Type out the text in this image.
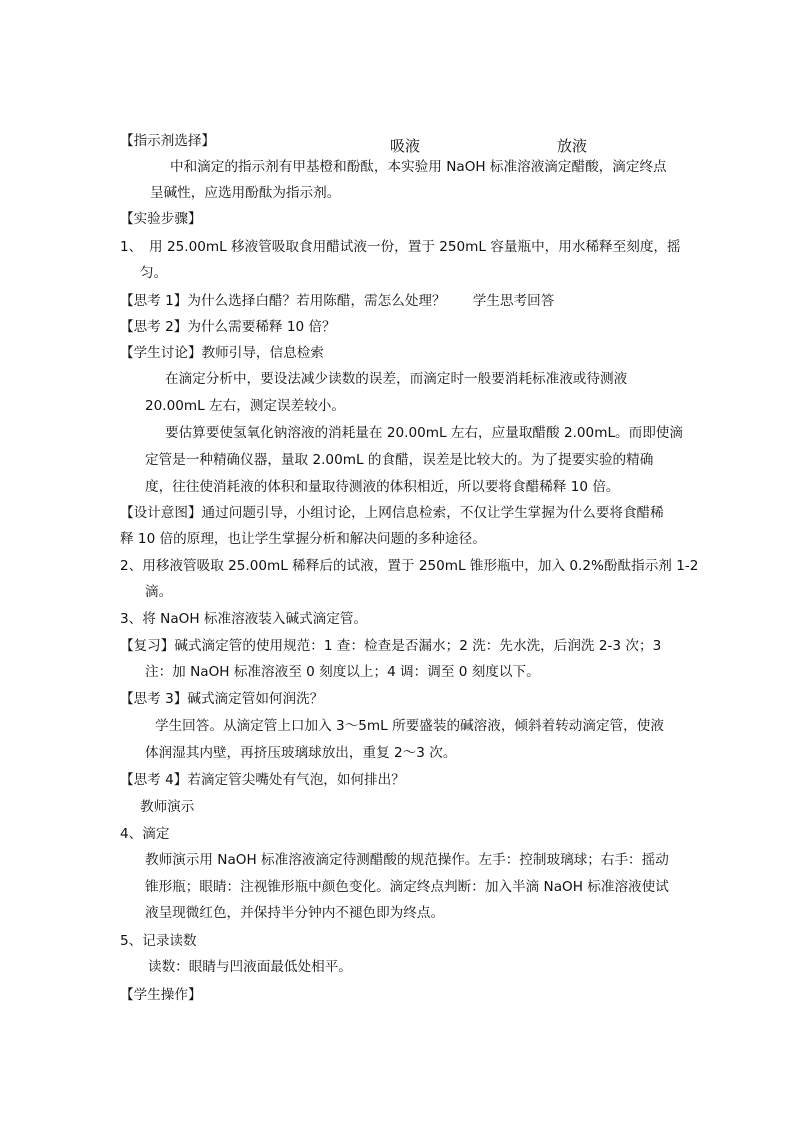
吸液	放液
【指示剂选择】
中和滴定的指示剂有甲基橙和酚酞，本实验用 NaOH 标准溶液滴定醋酸，滴定终点
呈碱性，应选用酚酞为指示剂。
【实验步骤】
1、　用 25.00mL 移液管吸取食用醋试液一份，置于 250mL 容量瓶中，用水稀释至刻度，摇
匀。
【思考 1】为什么选择白醋？若用陈醋，需怎么处理？　　学生思考回答
【思考 2】为什么需要稀释 10 倍？
【学生讨论】教师引导，信息检索
在滴定分析中，要设法减少读数的误差，而滴定时一般要消耗标准液或待测液
20.00mL 左右，测定误差较小。
要估算要使氢氧化钠溶液的消耗量在 20.00mL 左右，应量取醋酸 2.00mL。而即使滴
定管是一种精确仪器，量取 2.00mL 的食醋，误差是比较大的。为了提要实验的精确
度，往往使消耗液的体积和量取待测液的体积相近，所以要将食醋稀释 10 倍。
【设计意图】通过问题引导，小组讨论，上网信息检索，不仅让学生掌握为什么要将食醋稀
释 10 倍的原理，也让学生掌握分析和解决问题的多种途径。
2、用移液管吸取 25.00mL 稀释后的试液，置于 250mL 锥形瓶中，加入 0.2%酚酞指示剂 1-2
滴。
3、将 NaOH 标准溶液装入碱式滴定管。
【复习】碱式滴定管的使用规范：1 查：检查是否漏水；2 洗：先水洗，后润洗 2-3 次；3
注：加 NaOH 标准溶液至 0 刻度以上；4 调：调至 0 刻度以下。
【思考 3】碱式滴定管如何润洗？
学生回答。从滴定管上口加入 3～5mL 所要盛装的碱溶液，倾斜着转动滴定管，使液
体润湿其内壁，再挤压玻璃球放出，重复 2～3 次。
【思考 4】若滴定管尖嘴处有气泡，如何排出？
教师演示
4、滴定
教师演示用 NaOH 标准溶液滴定待测醋酸的规范操作。左手：控制玻璃球；右手：摇动
锥形瓶；眼睛：注视锥形瓶中颜色变化。滴定终点判断：加入半滴 NaOH 标准溶液使试
液呈现微红色，并保持半分钟内不褪色即为终点。
5、记录读数
读数：眼睛与凹液面最低处相平。
【学生操作】
